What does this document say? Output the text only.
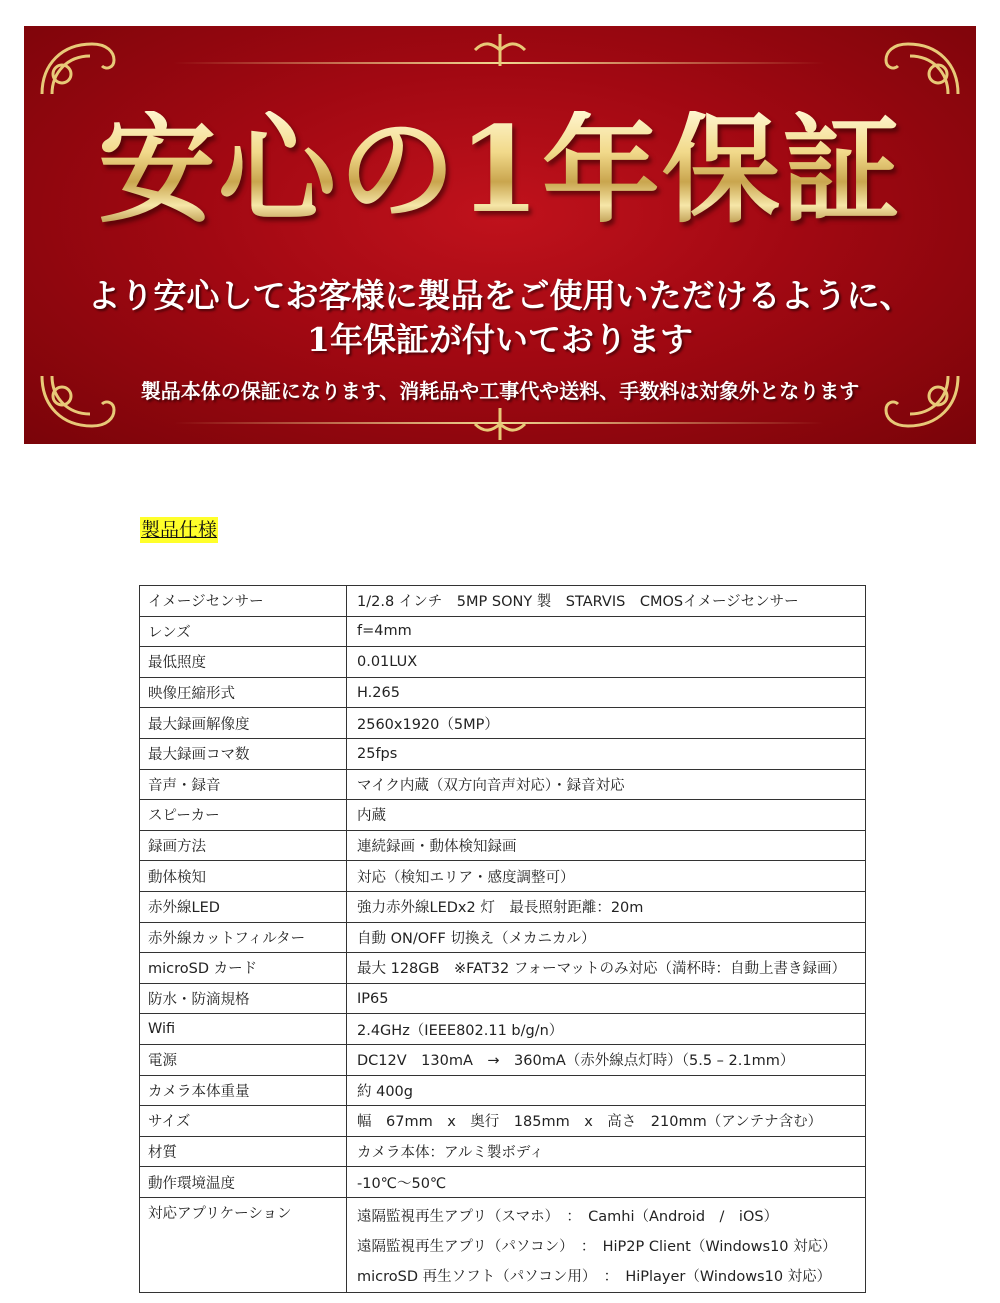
安心の1年保証
より安心してお客様に製品をご使用いただけるように、
1年保証が付いております
製品本体の保証になります、消耗品や工事代や送料、手数料は対象外となります
製品仕様
イメージセンサー	1/2.8 インチ　5MP SONY 製　STARVIS　CMOSイメージセンサー
レンズ	f=4mm
最低照度	0.01LUX
映像圧縮形式	H.265
最大録画解像度	2560x1920（5MP）
最大録画コマ数	25fps
音声・録音	マイク内蔵（双方向音声対応）・録音対応
スピーカー	内蔵
録画方法	連続録画・動体検知録画
動体検知	対応（検知エリア・感度調整可）
赤外線LED	強力赤外線LEDx2 灯　最長照射距離：20m
赤外線カットフィルター	自動 ON/OFF 切換え（メカニカル）
microSD カード	最大 128GB　※FAT32 フォーマットのみ対応（満杯時：自動上書き録画）
防水・防滴規格	IP65
Wifi	2.4GHz（IEEE802.11 b/g/n）
電源	DC12V　130mA　→　360mA（赤外線点灯時）（5.5 – 2.1mm）
カメラ本体重量	約 400g
サイズ	幅　67mm　x　奥行　185mm　x　高さ　210mm（アンテナ含む）
材質	カメラ本体：アルミ製ボディ
動作環境温度	-10℃～50℃
対応アプリケーション	遠隔監視再生アプリ（スマホ）　：　Camhi（Android　/　iOS）
遠隔監視再生アプリ（パソコン）　：　HiP2P Client（Windows10 対応）
microSD 再生ソフト（パソコン用）　：　HiPlayer（Windows10 対応）
